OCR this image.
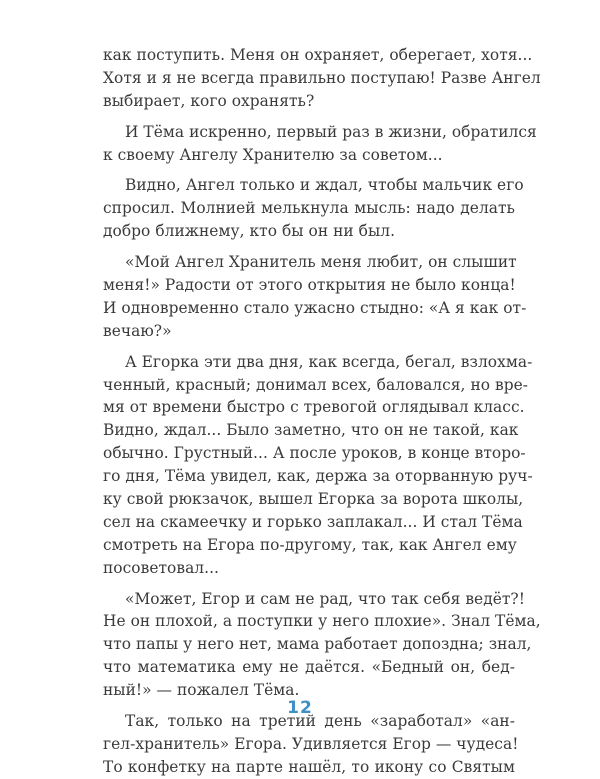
как поступить. Меня он охраняет, оберегает, хотя...
Хотя и я не всегда правильно поступаю! Разве Ангел
выбирает, кого охранять?
И Тёма искренно, первый раз в жизни, обратился
к своему Ангелу Хранителю за советом...
Видно, Ангел только и ждал, чтобы мальчик его
спросил. Молнией мелькнула мысль: надо делать
добро ближнему, кто бы он ни был.
«Мой Ангел Хранитель меня любит, он слышит
меня!» Радости от этого открытия не было конца!
И одновременно стало ужасно стыдно: «А я как от-
вечаю?»
А Егорка эти два дня, как всегда, бегал, взлохма-
ченный, красный; донимал всех, баловался, но вре-
мя от времени быстро с тревогой оглядывал класс.
Видно, ждал... Было заметно, что он не такой, как
обычно. Грустный... А после уроков, в конце второ-
го дня, Тёма увидел, как, держа за оторванную руч-
ку свой рюкзачок, вышел Егорка за ворота школы,
сел на скамеечку и горько заплакал... И стал Тёма
смотреть на Егора по-другому, так, как Ангел ему
посоветовал...
«Может, Егор и сам не рад, что так себя ведёт?!
Не он плохой, а поступки у него плохие». Знал Тёма,
что папы у него нет, мама работает допоздна; знал,
что математика ему не даётся. «Бедный он, бед-
ный!» — пожалел Тёма.
Так, только на третий день «заработал» «ан-
гел-хранитель» Егора. Удивляется Егор — чудеса!
То конфетку на парте нашёл, то икону со Святым
12
